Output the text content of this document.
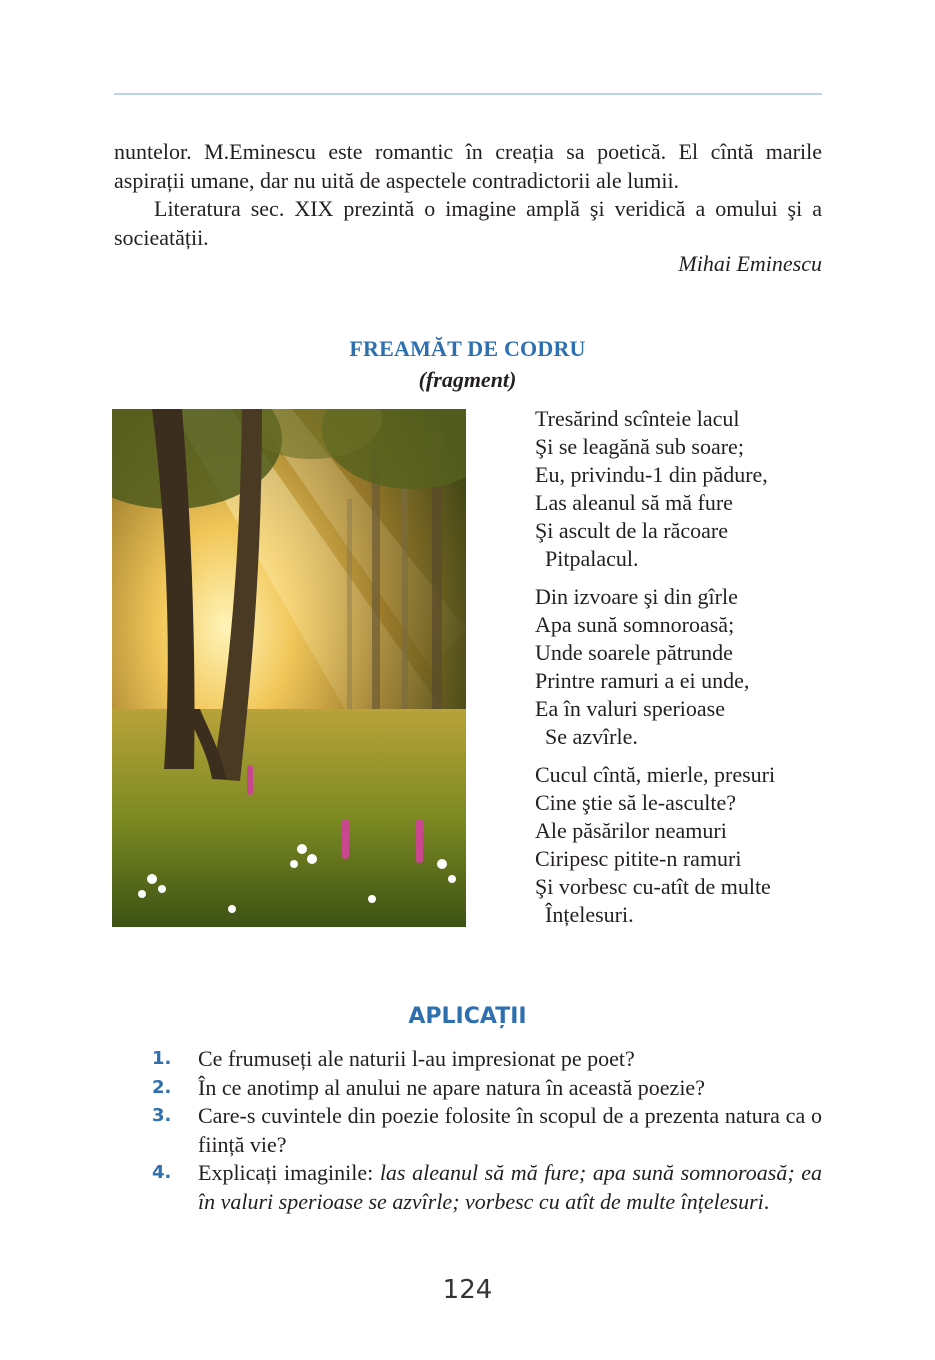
nuntelor. M.Eminescu este romantic în creația sa poetică. El cîntă marile aspirații umane, dar nu uită de aspectele contradictorii ale lumii.

Literatura sec. XIX prezintă o imagine amplă şi veridică a omului şi a socieatății.

Mihai Eminescu
FREAMĂT DE CODRU
(fragment)
Tresărind scînteie lacul
Şi se leagănă sub soare;
Eu, privindu-1 din pădure,
Las aleanul să mă fure
Şi ascult de la răcoare
Pitpalacul.
Din izvoare şi din gîrle
Apa sună somnoroasă;
Unde soarele pătrunde
Printre ramuri a ei unde,
Ea în valuri sperioase
Se azvîrle.
Cucul cîntă, mierle, presuri
Cine ştie să le-asculte?
Ale păsărilor neamuri
Ciripesc pitite-n ramuri
Şi vorbesc cu-atît de multe
Înțelesuri.
APLICAȚII
1.	Ce frumuseți ale naturii l-au impresionat pe poet?
2.	În ce anotimp al anului ne apare natura în această poezie?
3.	Care-s cuvintele din poezie folosite în scopul de a prezenta natura ca o ființă vie?
4.	Explicați imaginile: las aleanul să mă fure; apa sună somnoroasă; ea în valuri sperioase se azvîrle; vorbesc cu atît de multe înțelesuri.
124
